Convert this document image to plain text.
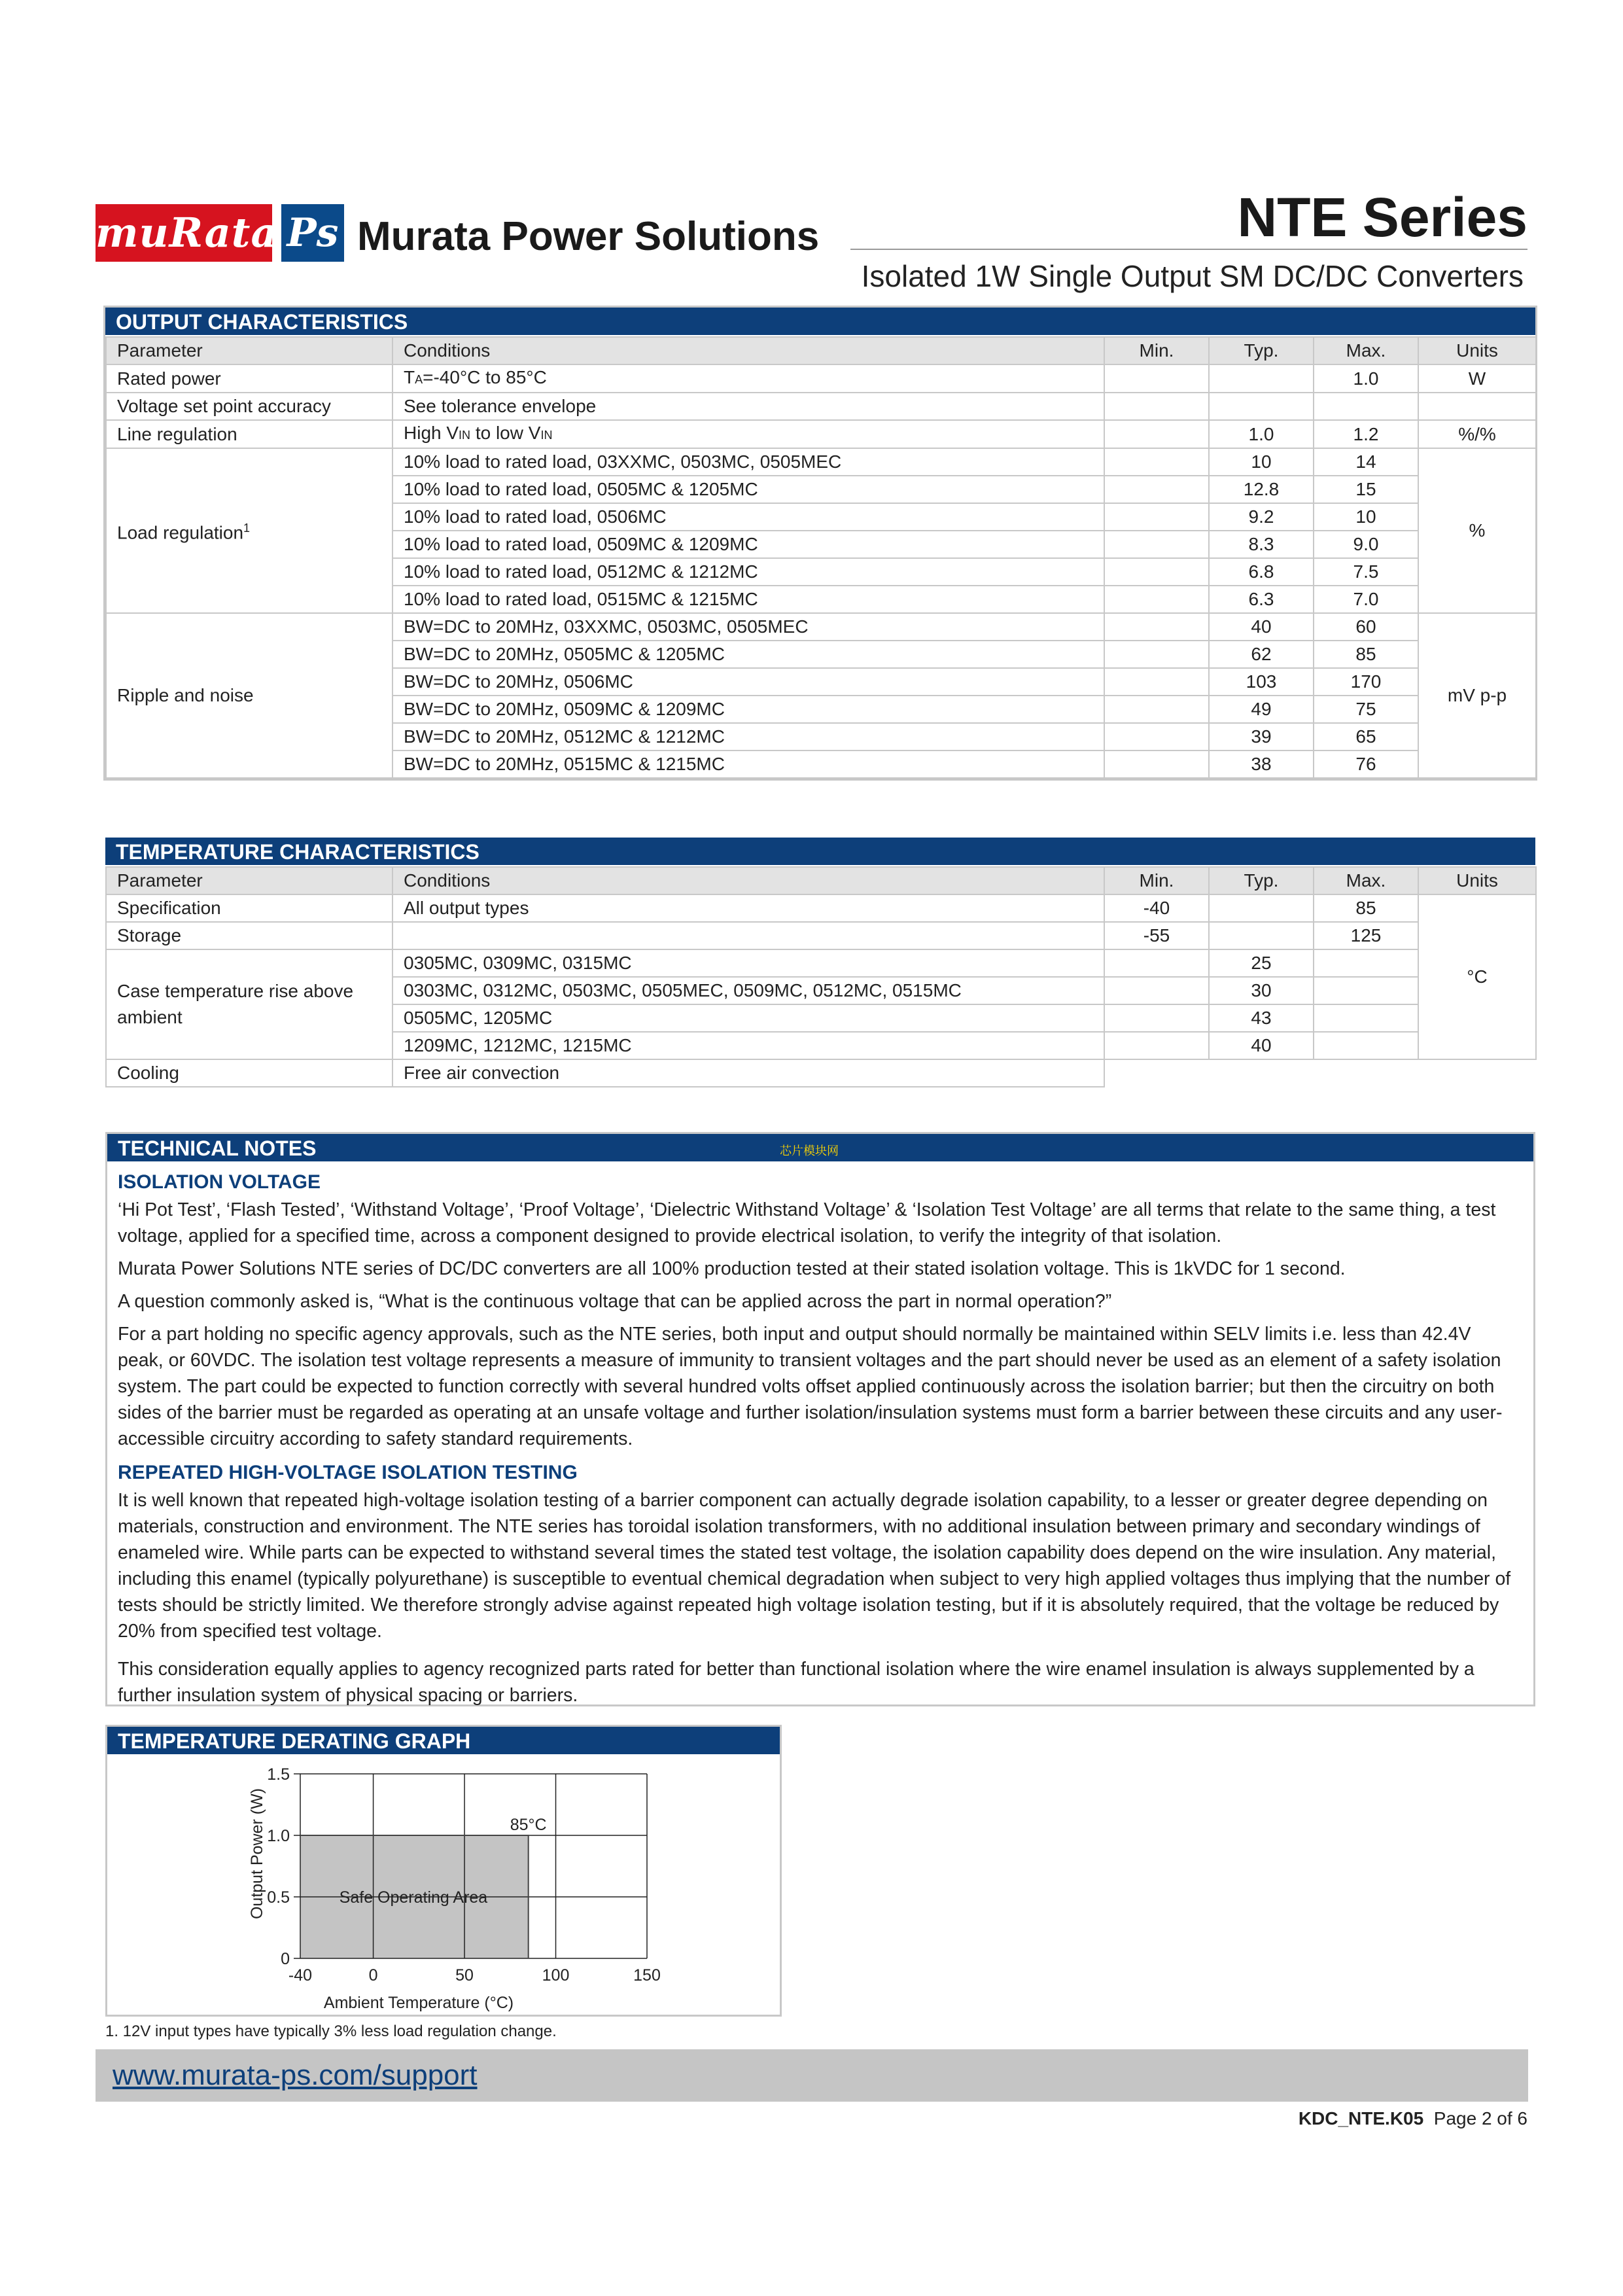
muRata Ps Murata Power Solutions	NTE Series
Isolated 1W Single Output SM DC/DC Converters
OUTPUT CHARACTERISTICS
Parameter	Conditions	Min.	Typ.	Max.	Units
Rated power	TA=-40°C to 85°C			1.0	W
Voltage set point accuracy	See tolerance envelope				
Line regulation	High VIN to low VIN		1.0	1.2	%/%
Load regulation$^1$	10% load to rated load, 03XXMC, 0503MC, 0505MEC		10	14	%
	10% load to rated load, 0505MC & 1205MC		12.8	15	
	10% load to rated load, 0506MC		9.2	10	
	10% load to rated load, 0509MC & 1209MC		8.3	9.0	
	10% load to rated load, 0512MC & 1212MC		6.8	7.5	
	10% load to rated load, 0515MC & 1215MC		6.3	7.0	
Ripple and noise	BW=DC to 20MHz, 03XXMC, 0503MC, 0505MEC		40	60	mV p-p
	BW=DC to 20MHz, 0505MC & 1205MC		62	85	
	BW=DC to 20MHz, 0506MC		103	170	
	BW=DC to 20MHz, 0509MC & 1209MC		49	75	
	BW=DC to 20MHz, 0512MC & 1212MC		39	65	
	BW=DC to 20MHz, 0515MC & 1215MC		38	76	
TEMPERATURE CHARACTERISTICS
Parameter	Conditions	Min.	Typ.	Max.	Units
Specification	All output types	-40		85	°C
Storage		-55		125	
Case temperature rise above ambient	0305MC, 0309MC, 0315MC		25		
	0303MC, 0312MC, 0503MC, 0505MEC, 0509MC, 0512MC, 0515MC		30		
	0505MC, 1205MC		43		
	1209MC, 1212MC, 1215MC		40		
Cooling	Free air convection				
TECHNICAL NOTES
ISOLATION VOLTAGE

‘Hi Pot Test’, ‘Flash Tested’, ‘Withstand Voltage’, ‘Proof Voltage’, ‘Dielectric Withstand Voltage’ & ‘Isolation Test Voltage’ are all terms that relate to the same thing, a test voltage, applied for a specified time, across a component designed to provide electrical isolation, to verify the integrity of that isolation.

Murata Power Solutions NTE series of DC/DC converters are all 100% production tested at their stated isolation voltage. This is 1kVDC for 1 second.

A question commonly asked is, “What is the continuous voltage that can be applied across the part in normal operation?”

For a part holding no specific agency approvals, such as the NTE series, both input and output should normally be maintained within SELV limits i.e. less than 42.4V peak, or 60VDC. The isolation test voltage represents a measure of immunity to transient voltages and the part should never be used as an element of a safety isolation system. The part could be expected to function correctly with several hundred volts offset applied continuously across the isolation barrier; but then the circuitry on both sides of the barrier must be regarded as operating at an unsafe voltage and further isolation/insulation systems must form a barrier between these circuits and any user-accessible circuitry according to safety standard requirements.

REPEATED HIGH-VOLTAGE ISOLATION TESTING

It is well known that repeated high-voltage isolation testing of a barrier component can actually degrade isolation capability, to a lesser or greater degree depending on materials, construction and environment. The NTE series has toroidal isolation transformers, with no additional insulation between primary and secondary windings of enameled wire. While parts can be expected to withstand several times the stated test voltage, the isolation capability does depend on the wire insulation. Any material, including this enamel (typically polyurethane) is susceptible to eventual chemical degradation when subject to very high applied voltages thus implying that the number of tests should be strictly limited. We therefore strongly advise against repeated high voltage isolation testing, but if it is absolutely required, that the voltage be reduced by 20% from specified test voltage.

This consideration equally applies to agency recognized parts rated for better than functional isolation where the wire enamel insulation is always supplemented by a further insulation system of physical spacing or barriers.

芯片模块网
TEMPERATURE DERATING GRAPH
-40	0	50	100	150
0
0.5
1.0
1.5
85°C
Safe Operating Area
Output Power (W)
Ambient Temperature (°C)
1. 12V input types have typically 3% less load regulation change.
www.murata-ps.com/support
KDC_NTE.K05 Page 2 of 6
